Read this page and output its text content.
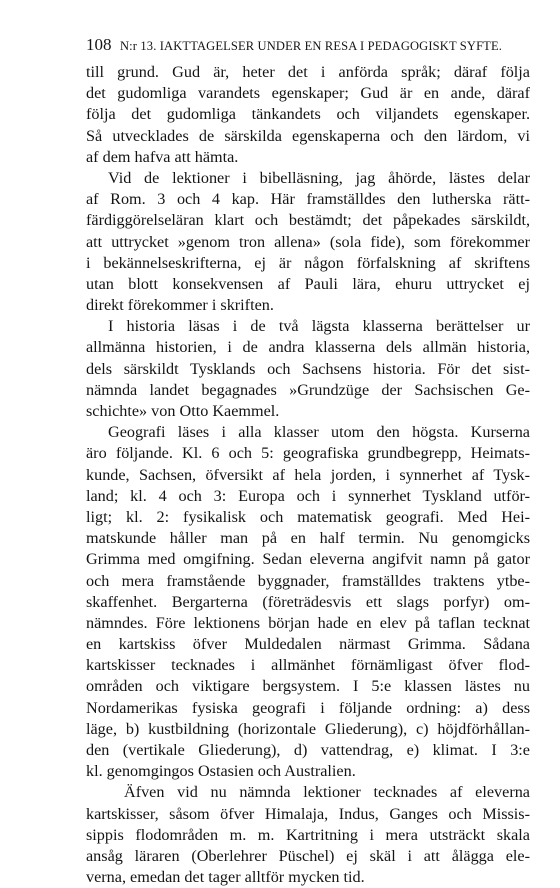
108 N:r 13. IAKTTAGELSER UNDER EN RESA I PEDAGOGISKT SYFTE.
till grund. Gud är, heter det i anförda språk; däraf följa
det gudomliga varandets egenskaper; Gud är en ande, däraf
följa det gudomliga tänkandets och viljandets egenskaper.
Så utvecklades de särskilda egenskaperna och den lärdom, vi
af dem hafva att hämta.
Vid de lektioner i bibelläsning, jag åhörde, lästes delar
af Rom. 3 och 4 kap. Här framställdes den lutherska rätt-
färdiggörelseläran klart och bestämdt; det påpekades särskildt,
att uttrycket »genom tron allena» (sola fide), som förekommer
i bekännelseskrifterna, ej är någon förfalskning af skriftens
utan blott konsekvensen af Pauli lära, ehuru uttrycket ej
direkt förekommer i skriften.
I historia läsas i de två lägsta klasserna berättelser ur
allmänna historien, i de andra klasserna dels allmän historia,
dels särskildt Tysklands och Sachsens historia. För det sist-
nämnda landet begagnades »Grundzüge der Sachsischen Ge-
schichte» von Otto Kaemmel.
Geografi läses i alla klasser utom den högsta. Kurserna
äro följande. Kl. 6 och 5: geografiska grundbegrepp, Heimats-
kunde, Sachsen, öfversikt af hela jorden, i synnerhet af Tysk-
land; kl. 4 och 3: Europa och i synnerhet Tyskland utför-
ligt; kl. 2: fysikalisk och matematisk geografi. Med Hei-
matskunde håller man på en half termin. Nu genomgicks
Grimma med omgifning. Sedan eleverna angifvit namn på gator
och mera framstående byggnader, framställdes traktens ytbe-
skaffenhet. Bergarterna (företrädesvis ett slags porfyr) om-
nämndes. Före lektionens början hade en elev på taflan tecknat
en kartskiss öfver Muldedalen närmast Grimma. Sådana
kartskisser tecknades i allmänhet förnämligast öfver flod-
områden och viktigare bergsystem. I 5:e klassen lästes nu
Nordamerikas fysiska geografi i följande ordning: a) dess
läge, b) kustbildning (horizontale Gliederung), c) höjdförhållan-
den (vertikale Gliederung), d) vattendrag, e) klimat. I 3:e
kl. genomgingos Ostasien och Australien.
Äfven vid nu nämnda lektioner tecknades af eleverna
kartskisser, såsom öfver Himalaja, Indus, Ganges och Missis-
sippis flodområden m. m. Kartritning i mera utsträckt skala
ansåg läraren (Oberlehrer Püschel) ej skäl i att ålägga ele-
verna, emedan det tager alltför mycken tid.
